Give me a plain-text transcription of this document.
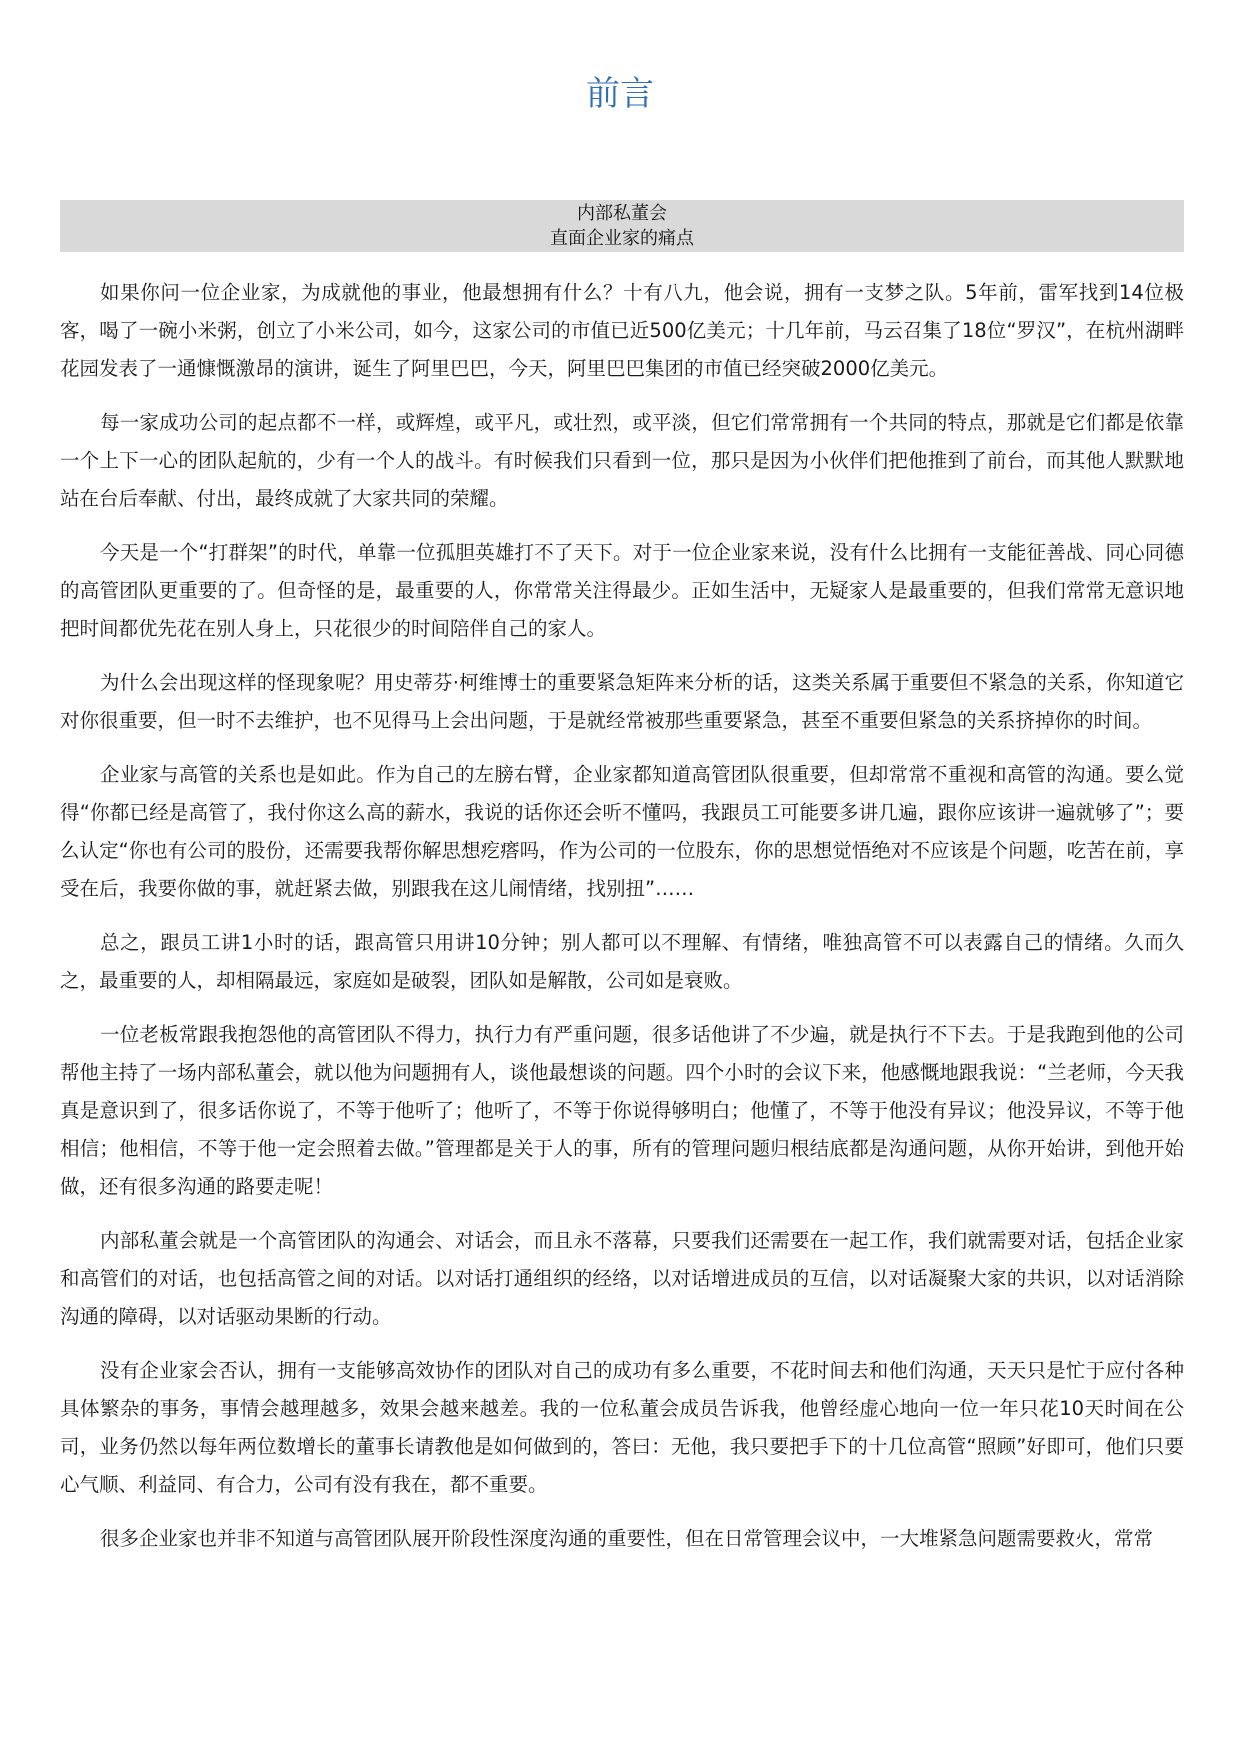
前言
内部私董会
直面企业家的痛点

如果你问一位企业家，为成就他的事业，他最想拥有什么？十有八九，他会说，拥有一支梦之队。5年前，雷军找到14位极客，喝了一碗小米粥，创立了小米公司，如今，这家公司的市值已近500亿美元；十几年前，马云召集了18位“罗汉”，在杭州湖畔花园发表了一通慷慨激昂的演讲，诞生了阿里巴巴，今天，阿里巴巴集团的市值已经突破2000亿美元。

每一家成功公司的起点都不一样，或辉煌，或平凡，或壮烈，或平淡，但它们常常拥有一个共同的特点，那就是它们都是依靠一个上下一心的团队起航的，少有一个人的战斗。有时候我们只看到一位，那只是因为小伙伴们把他推到了前台，而其他人默默地站在台后奉献、付出，最终成就了大家共同的荣耀。

今天是一个“打群架”的时代，单靠一位孤胆英雄打不了天下。对于一位企业家来说，没有什么比拥有一支能征善战、同心同德的高管团队更重要的了。但奇怪的是，最重要的人，你常常关注得最少。正如生活中，无疑家人是最重要的，但我们常常无意识地把时间都优先花在别人身上，只花很少的时间陪伴自己的家人。

为什么会出现这样的怪现象呢？用史蒂芬·柯维博士的重要紧急矩阵来分析的话，这类关系属于重要但不紧急的关系，你知道它对你很重要，但一时不去维护，也不见得马上会出问题，于是就经常被那些重要紧急，甚至不重要但紧急的关系挤掉你的时间。

企业家与高管的关系也是如此。作为自己的左膀右臂，企业家都知道高管团队很重要，但却常常不重视和高管的沟通。要么觉得“你都已经是高管了，我付你这么高的薪水，我说的话你还会听不懂吗，我跟员工可能要多讲几遍，跟你应该讲一遍就够了”；要么认定“你也有公司的股份，还需要我帮你解思想疙瘩吗，作为公司的一位股东，你的思想觉悟绝对不应该是个问题，吃苦在前，享受在后，我要你做的事，就赶紧去做，别跟我在这儿闹情绪，找别扭”……

总之，跟员工讲1小时的话，跟高管只用讲10分钟；别人都可以不理解、有情绪，唯独高管不可以表露自己的情绪。久而久之，最重要的人，却相隔最远，家庭如是破裂，团队如是解散，公司如是衰败。

一位老板常跟我抱怨他的高管团队不得力，执行力有严重问题，很多话他讲了不少遍，就是执行不下去。于是我跑到他的公司帮他主持了一场内部私董会，就以他为问题拥有人，谈他最想谈的问题。四个小时的会议下来，他感慨地跟我说：“兰老师，今天我真是意识到了，很多话你说了，不等于他听了；他听了，不等于你说得够明白；他懂了，不等于他没有异议；他没异议，不等于他相信；他相信，不等于他一定会照着去做。”管理都是关于人的事，所有的管理问题归根结底都是沟通问题，从你开始讲，到他开始做，还有很多沟通的路要走呢！

内部私董会就是一个高管团队的沟通会、对话会，而且永不落幕，只要我们还需要在一起工作，我们就需要对话，包括企业家和高管们的对话，也包括高管之间的对话。以对话打通组织的经络，以对话增进成员的互信，以对话凝聚大家的共识，以对话消除沟通的障碍，以对话驱动果断的行动。

没有企业家会否认，拥有一支能够高效协作的团队对自己的成功有多么重要，不花时间去和他们沟通，天天只是忙于应付各种具体繁杂的事务，事情会越理越多，效果会越来越差。我的一位私董会成员告诉我，他曾经虚心地向一位一年只花10天时间在公司，业务仍然以每年两位数增长的董事长请教他是如何做到的，答曰：无他，我只要把手下的十几位高管“照顾”好即可，他们只要心气顺、利益同、有合力，公司有没有我在，都不重要。

很多企业家也并非不知道与高管团队展开阶段性深度沟通的重要性，但在日常管理会议中，一大堆紧急问题需要救火，常常
